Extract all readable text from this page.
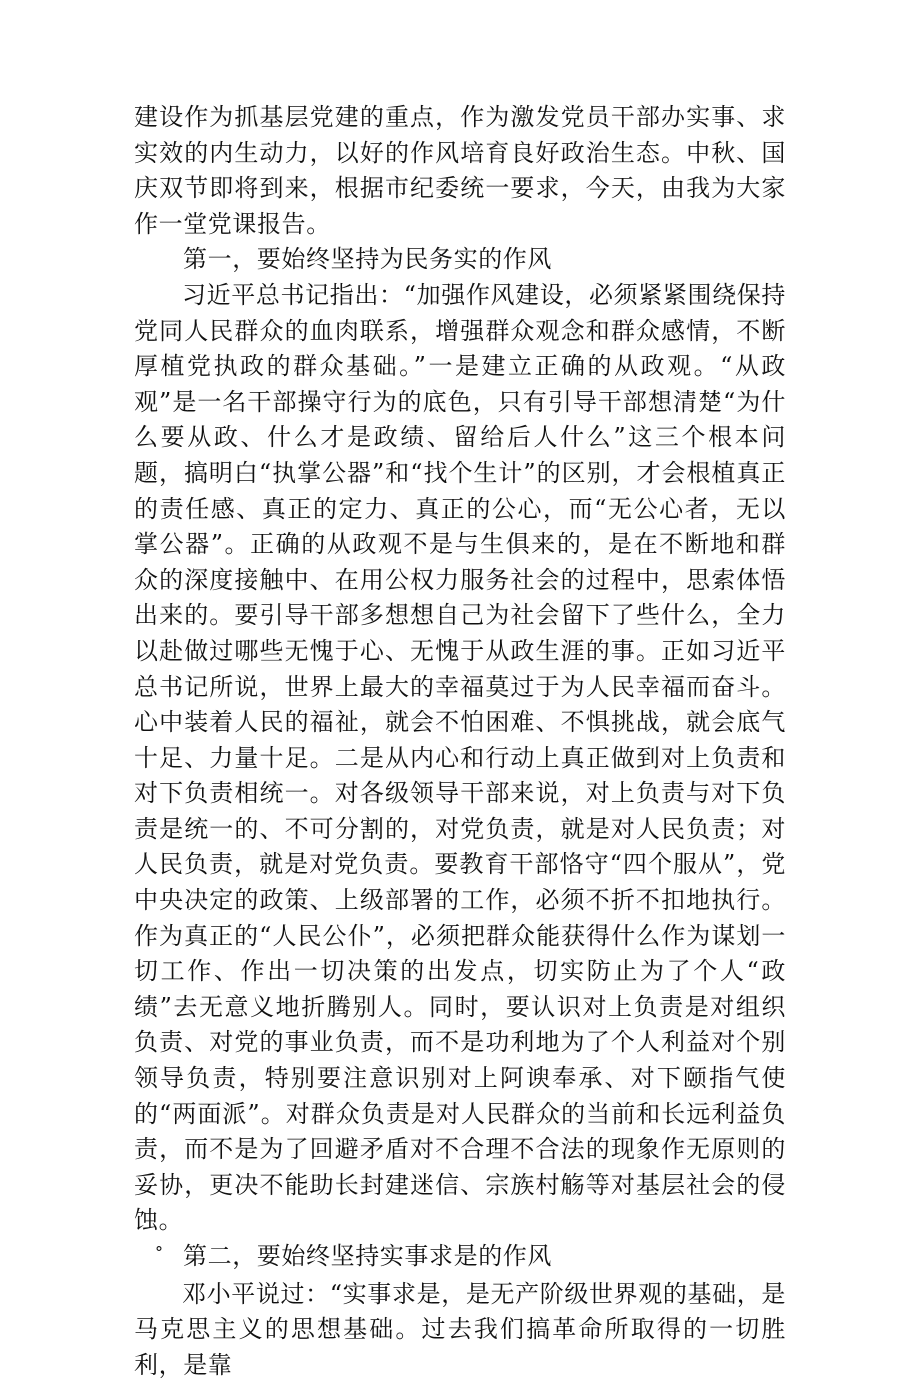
建设作为抓基层党建的重点，作为激发党员干部办实事、求实效的内生动力，以好的作风培育良好政治生态。中秋、国庆双节即将到来，根据市纪委统一要求，今天，由我为大家作一堂党课报告。

第一，要始终坚持为民务实的作风

习近平总书记指出：“加强作风建设，必须紧紧围绕保持党同人民群众的血肉联系，增强群众观念和群众感情，不断厚植党执政的群众基础。”一是建立正确的从政观。“从政观”是一名干部操守行为的底色，只有引导干部想清楚“为什么要从政、什么才是政绩、留给后人什么”这三个根本问题，搞明白“执掌公器”和“找个生计”的区别，才会根植真正的责任感、真正的定力、真正的公心，而“无公心者，无以掌公器”。正确的从政观不是与生俱来的，是在不断地和群众的深度接触中、在用公权力服务社会的过程中，思索体悟出来的。要引导干部多想想自己为社会留下了些什么，全力以赴做过哪些无愧于心、无愧于从政生涯的事。正如习近平总书记所说，世界上最大的幸福莫过于为人民幸福而奋斗。心中装着人民的福祉，就会不怕困难、不惧挑战，就会底气十足、力量十足。二是从内心和行动上真正做到对上负责和对下负责相统一。对各级领导干部来说，对上负责与对下负责是统一的、不可分割的，对党负责，就是对人民负责；对人民负责，就是对党负责。要教育干部恪守“四个服从”，党中央决定的政策、上级部署的工作，必须不折不扣地执行。作为真正的“人民公仆”，必须把群众能获得什么作为谋划一切工作、作出一切决策的出发点，切实防止为了个人“政绩”去无意义地折腾别人。同时，要认识对上负责是对组织负责、对党的事业负责，而不是功利地为了个人利益对个别领导负责，特别要注意识别对上阿谀奉承、对下颐指气使的“两面派”。对群众负责是对人民群众的当前和长远利益负责，而不是为了回避矛盾对不合理不合法的现象作无原则的妥协，更决不能助长封建迷信、宗族村觞等对基层社会的侵蚀。

° 第二，要始终坚持实事求是的作风

邓小平说过：“实事求是，是无产阶级世界观的基础，是马克思主义的思想基础。过去我们搞革命所取得的一切胜利，是靠
